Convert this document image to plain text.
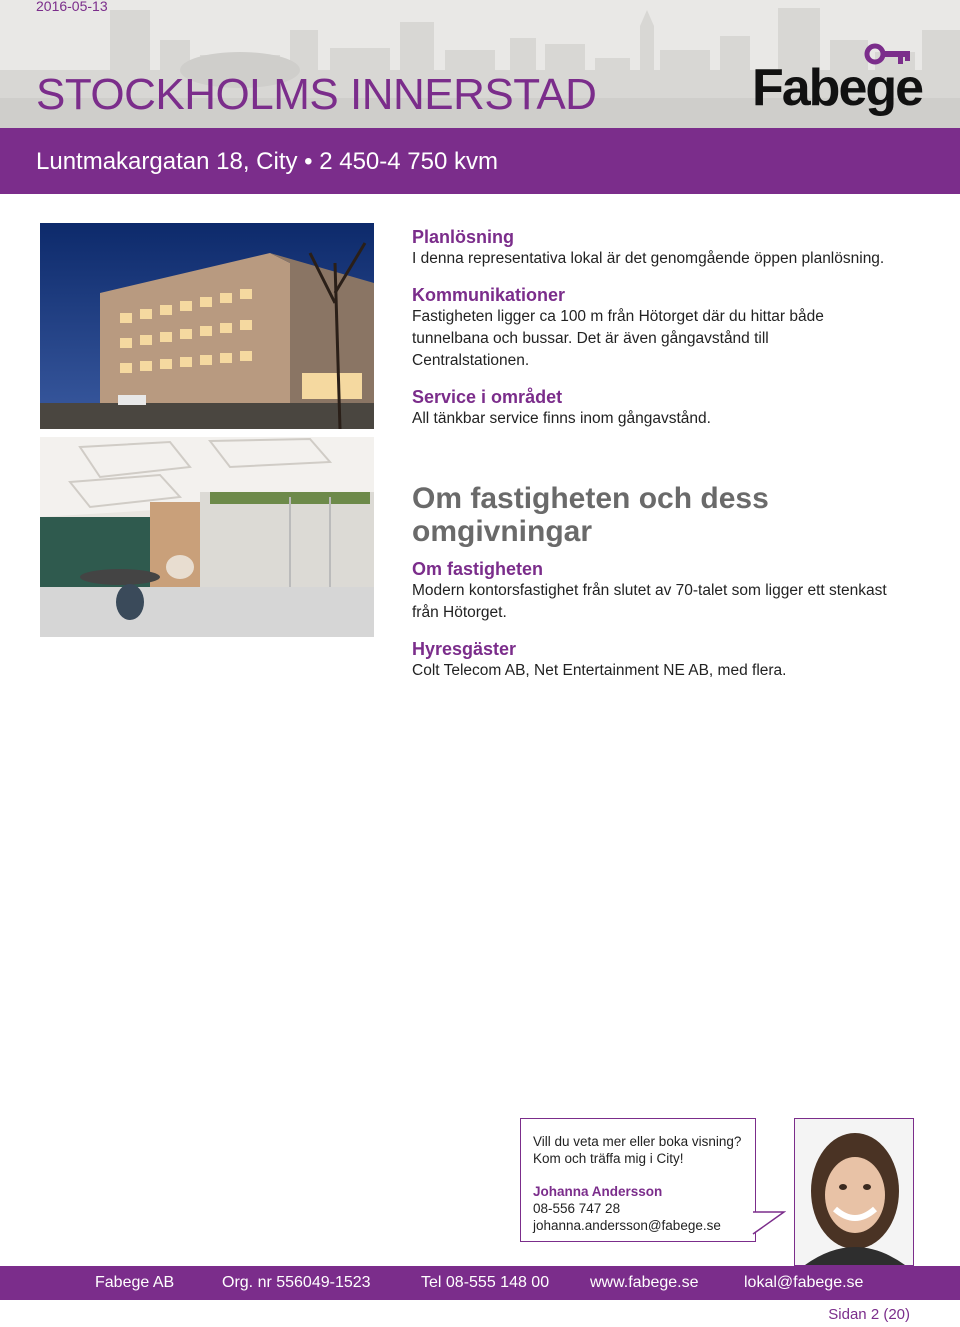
2016-05-13
STOCKHOLMS INNERSTAD	Fabege
Luntmakargatan 18, City • 2 450-4 750 kvm
Planlösning

I denna representativa lokal är det genomgående öppen planlösning.

Kommunikationer

Fastigheten ligger ca 100 m från Hötorget där du hittar både tunnelbana och bussar. Det är även gångavstånd till Centralstationen.

Service i området

All tänkbar service finns inom gångavstånd.

Om fastigheten och dess omgivningar
Om fastigheten

Modern kontorsfastighet från slutet av 70-talet som ligger ett stenkast från Hötorget.

Hyresgäster

Colt Telecom AB, Net Entertainment NE AB, med flera.

Vill du veta mer eller boka visning?

Kom och träffa mig i City!

Johanna Andersson

08-556 747 28

johanna.andersson@fabege.se

Fabege AB	Org. nr 556049-1523	Tel 08-555 148 00	www.fabege.se	lokal@fabege.se
Sidan 2 (20)
